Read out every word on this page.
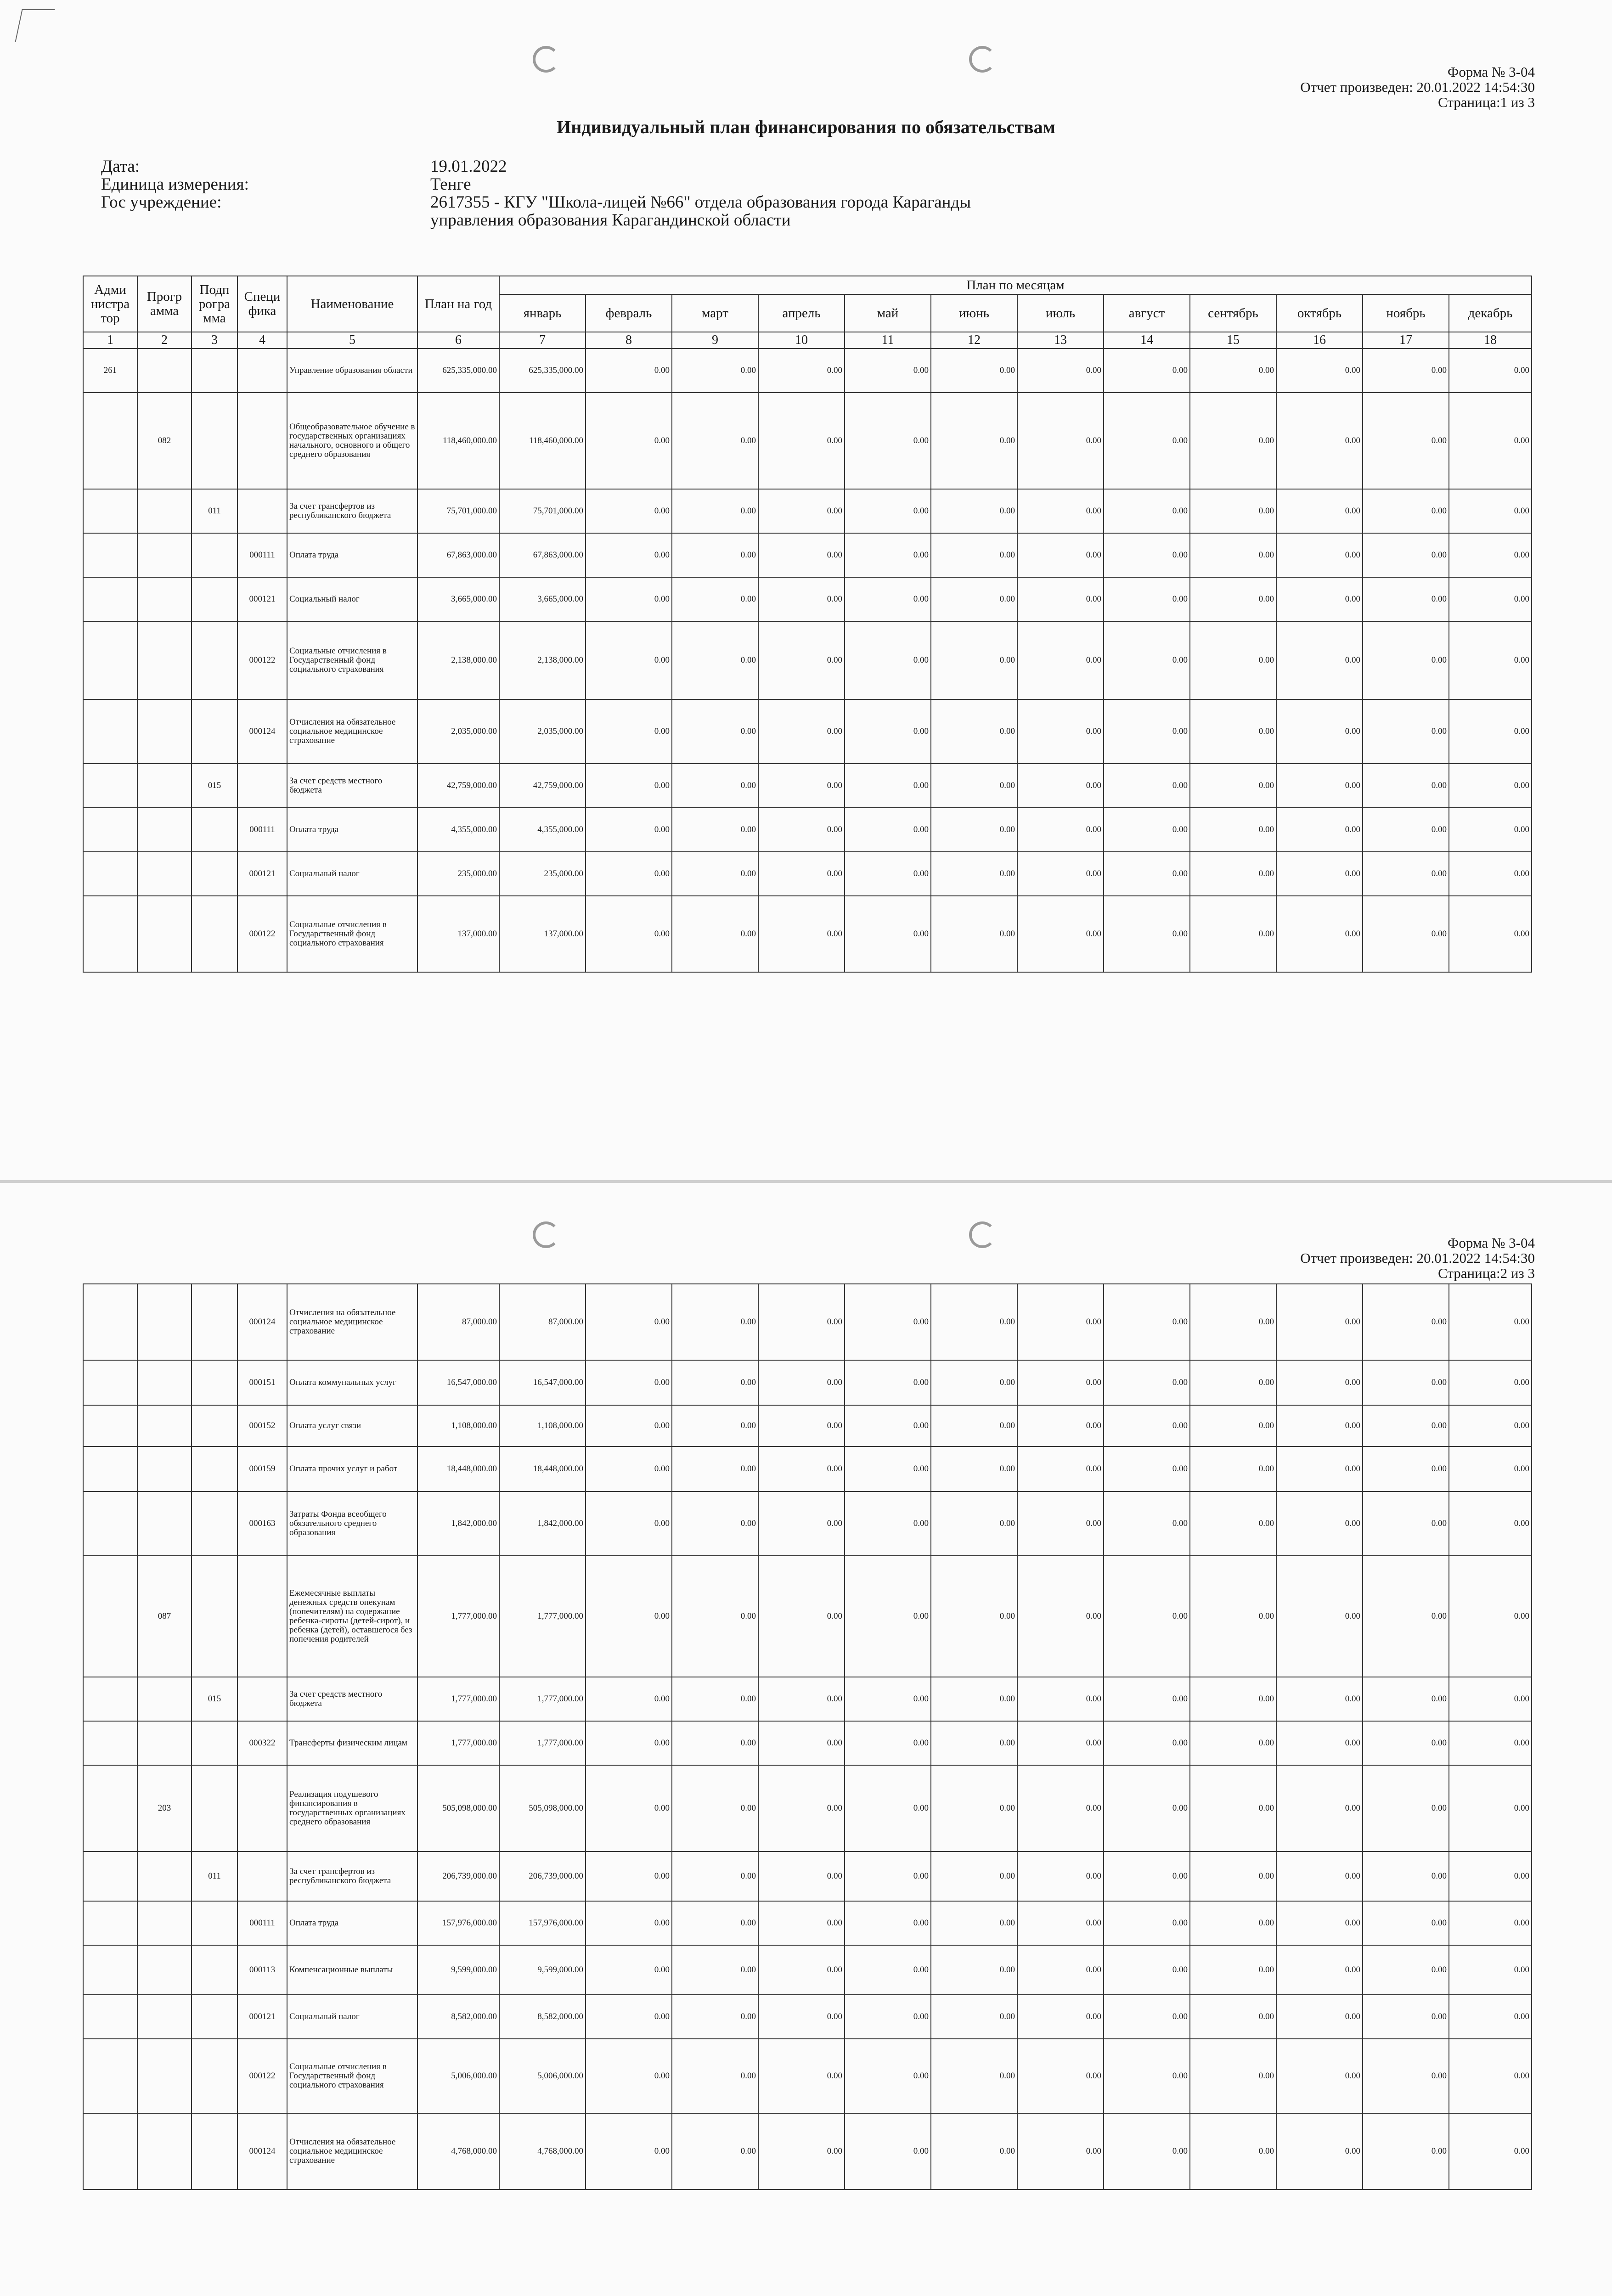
Форма № 3-04
Отчет произведен: 20.01.2022 14:54:30
Страница:1 из 3
Индивидуальный план финансирования по обязательствам
Дата:	19.01.2022
Единица измерения:	Тенге
Гос учреждение:	2617355 - КГУ "Школа-лицей №66" отдела образования города Караганды
управления образования Карагандинской области
Адми нистра тор	Прогр амма	Подп рогра мма	Специ фика	Наименование	План на год	План по месяцам											
						январь	февраль	март	апрель	май	июнь	июль	август	сентябрь	октябрь	ноябрь	декабрь
1	2	3	4	5	6	7	8	9	10	11	12	13	14	15	16	17	18
261				Управление образования области	625,335,000.00	625,335,000.00	0.00	0.00	0.00	0.00	0.00	0.00	0.00	0.00	0.00	0.00	0.00
	082			Общеобразовательное обучение в государственных организациях начального, основного и общего среднего образования	118,460,000.00	118,460,000.00	0.00	0.00	0.00	0.00	0.00	0.00	0.00	0.00	0.00	0.00	0.00
		011		За счет трансфертов из республиканского бюджета	75,701,000.00	75,701,000.00	0.00	0.00	0.00	0.00	0.00	0.00	0.00	0.00	0.00	0.00	0.00
			000111	Оплата труда	67,863,000.00	67,863,000.00	0.00	0.00	0.00	0.00	0.00	0.00	0.00	0.00	0.00	0.00	0.00
			000121	Социальный налог	3,665,000.00	3,665,000.00	0.00	0.00	0.00	0.00	0.00	0.00	0.00	0.00	0.00	0.00	0.00
			000122	Социальные отчисления в Государственный фонд социального страхования	2,138,000.00	2,138,000.00	0.00	0.00	0.00	0.00	0.00	0.00	0.00	0.00	0.00	0.00	0.00
			000124	Отчисления на обязательное социальное медицинское страхование	2,035,000.00	2,035,000.00	0.00	0.00	0.00	0.00	0.00	0.00	0.00	0.00	0.00	0.00	0.00
		015		За счет средств местного бюджета	42,759,000.00	42,759,000.00	0.00	0.00	0.00	0.00	0.00	0.00	0.00	0.00	0.00	0.00	0.00
			000111	Оплата труда	4,355,000.00	4,355,000.00	0.00	0.00	0.00	0.00	0.00	0.00	0.00	0.00	0.00	0.00	0.00
			000121	Социальный налог	235,000.00	235,000.00	0.00	0.00	0.00	0.00	0.00	0.00	0.00	0.00	0.00	0.00	0.00
			000122	Социальные отчисления в Государственный фонд социального страхования	137,000.00	137,000.00	0.00	0.00	0.00	0.00	0.00	0.00	0.00	0.00	0.00	0.00	0.00
Форма № 3-04
Отчет произведен: 20.01.2022 14:54:30
Страница:2 из 3
			000124	Отчисления на обязательное социальное медицинское страхование	87,000.00	87,000.00	0.00	0.00	0.00	0.00	0.00	0.00	0.00	0.00	0.00	0.00	0.00
			000151	Оплата коммунальных услуг	16,547,000.00	16,547,000.00	0.00	0.00	0.00	0.00	0.00	0.00	0.00	0.00	0.00	0.00	0.00
			000152	Оплата услуг связи	1,108,000.00	1,108,000.00	0.00	0.00	0.00	0.00	0.00	0.00	0.00	0.00	0.00	0.00	0.00
			000159	Оплата прочих услуг и работ	18,448,000.00	18,448,000.00	0.00	0.00	0.00	0.00	0.00	0.00	0.00	0.00	0.00	0.00	0.00
			000163	Затраты Фонда всеобщего обязательного среднего образования	1,842,000.00	1,842,000.00	0.00	0.00	0.00	0.00	0.00	0.00	0.00	0.00	0.00	0.00	0.00
	087			Ежемесячные выплаты денежных средств опекунам (попечителям) на содержание ребенка-сироты (детей-сирот), и ребенка (детей), оставшегося без попечения родителей	1,777,000.00	1,777,000.00	0.00	0.00	0.00	0.00	0.00	0.00	0.00	0.00	0.00	0.00	0.00
		015		За счет средств местного бюджета	1,777,000.00	1,777,000.00	0.00	0.00	0.00	0.00	0.00	0.00	0.00	0.00	0.00	0.00	0.00
			000322	Трансферты физическим лицам	1,777,000.00	1,777,000.00	0.00	0.00	0.00	0.00	0.00	0.00	0.00	0.00	0.00	0.00	0.00
	203			Реализация подушевого финансирования в государственных организациях среднего образования	505,098,000.00	505,098,000.00	0.00	0.00	0.00	0.00	0.00	0.00	0.00	0.00	0.00	0.00	0.00
		011		За счет трансфертов из республиканского бюджета	206,739,000.00	206,739,000.00	0.00	0.00	0.00	0.00	0.00	0.00	0.00	0.00	0.00	0.00	0.00
			000111	Оплата труда	157,976,000.00	157,976,000.00	0.00	0.00	0.00	0.00	0.00	0.00	0.00	0.00	0.00	0.00	0.00
			000113	Компенсационные выплаты	9,599,000.00	9,599,000.00	0.00	0.00	0.00	0.00	0.00	0.00	0.00	0.00	0.00	0.00	0.00
			000121	Социальный налог	8,582,000.00	8,582,000.00	0.00	0.00	0.00	0.00	0.00	0.00	0.00	0.00	0.00	0.00	0.00
			000122	Социальные отчисления в Государственный фонд социального страхования	5,006,000.00	5,006,000.00	0.00	0.00	0.00	0.00	0.00	0.00	0.00	0.00	0.00	0.00	0.00
			000124	Отчисления на обязательное социальное медицинское страхование	4,768,000.00	4,768,000.00	0.00	0.00	0.00	0.00	0.00	0.00	0.00	0.00	0.00	0.00	0.00
